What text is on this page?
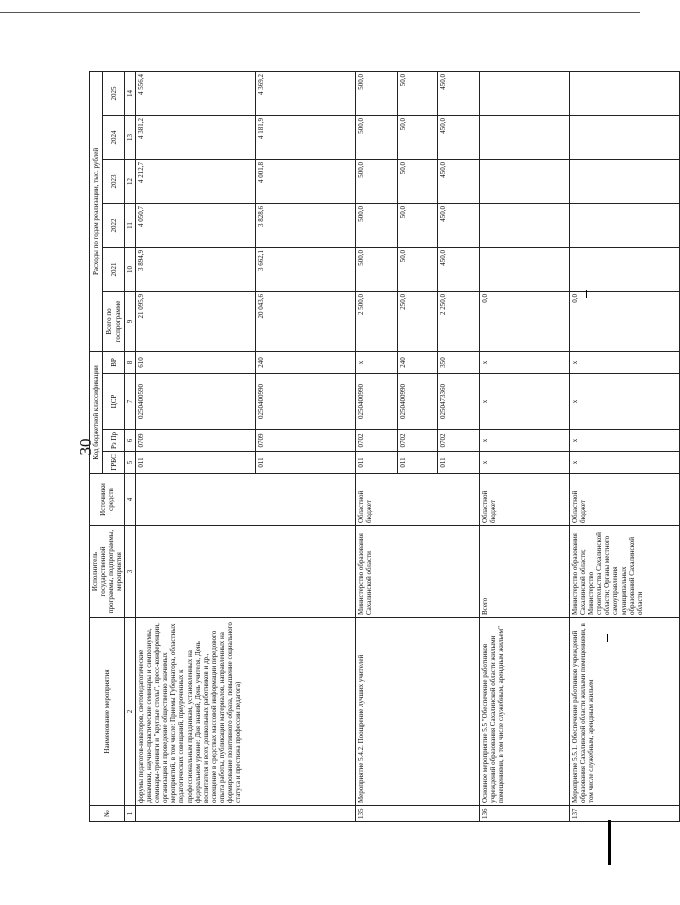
30
№	Наименование мероприятия	Исполнитель государственной программы, подпрограммы, мероприятия	Источники средств	Код бюджетной классификации				Расходы по годам реализации, тыс. рублей					
				ГРБС	Рз Пр	ЦСР	ВР	Всего по госпрограмме	2021	2022	2023	2024	2025
1	2	3	4	5	6	7	8	9	10	11	12	13	14
	форумы педагогов-новаторов, светопедагогические динамики, научно-практические семинары и симпозиумы, семинары-тренинги и "круглые столы", пресс-конференции, организация и проведение общественно значимых мероприятий, в том числе: Приемы Губернатора, областных педагогических совещаний, приуроченных к профессиональным праздникам, установленных на федеральном уровне: Дня знаний, День учителя, День воспитателя и всех дошкольных работников и др., освещение в средствах массовой информации передового опыта работы, публикации материалов, направленных на формирование позитивного образа, повышение социального статуса и престижа профессии педагога)			011	0709	0250400590	610	21 095,9	3 894,9	4 050,7	4 212,7	4 381,2	4 556,4
				011	0709	0250400990	240	20 043,6	3 662,1	3 828,6	4 001,8	4 181,9	4 369,2
135	Мероприятие 5.4.2. Поощрение лучших учителей	Министерство образования Сахалинской области	Областной бюджет	011	0702	0250400990	x	2 500,0	500,0	500,0	500,0	500,0	500,0
				011	0702	0250400990	240	250,0	50,0	50,0	50,0	50,0	50,0
				011	0702	0250473360	350	2 250,0	450,0	450,0	450,0	450,0	450,0
136	Основное мероприятие 5.5 "Обеспечение работников учреждений образования Сахалинской области жилыми помещениями, в том числе служебным, арендным жильем"	Всего	Областной бюджет	x	x	x	x	0,0					
137	Мероприятие 5.5.1. Обеспечение работников учреждений образования Сахалинской области жилыми помещениями, в том числе служебным, арендным жильем	Министерство образования Сахалинской области; Министерство строительства Сахалинской области; Органы местного самоуправления муниципальных образований Сахалинской области	Областной бюджет	x	x	x	x	0,0					
